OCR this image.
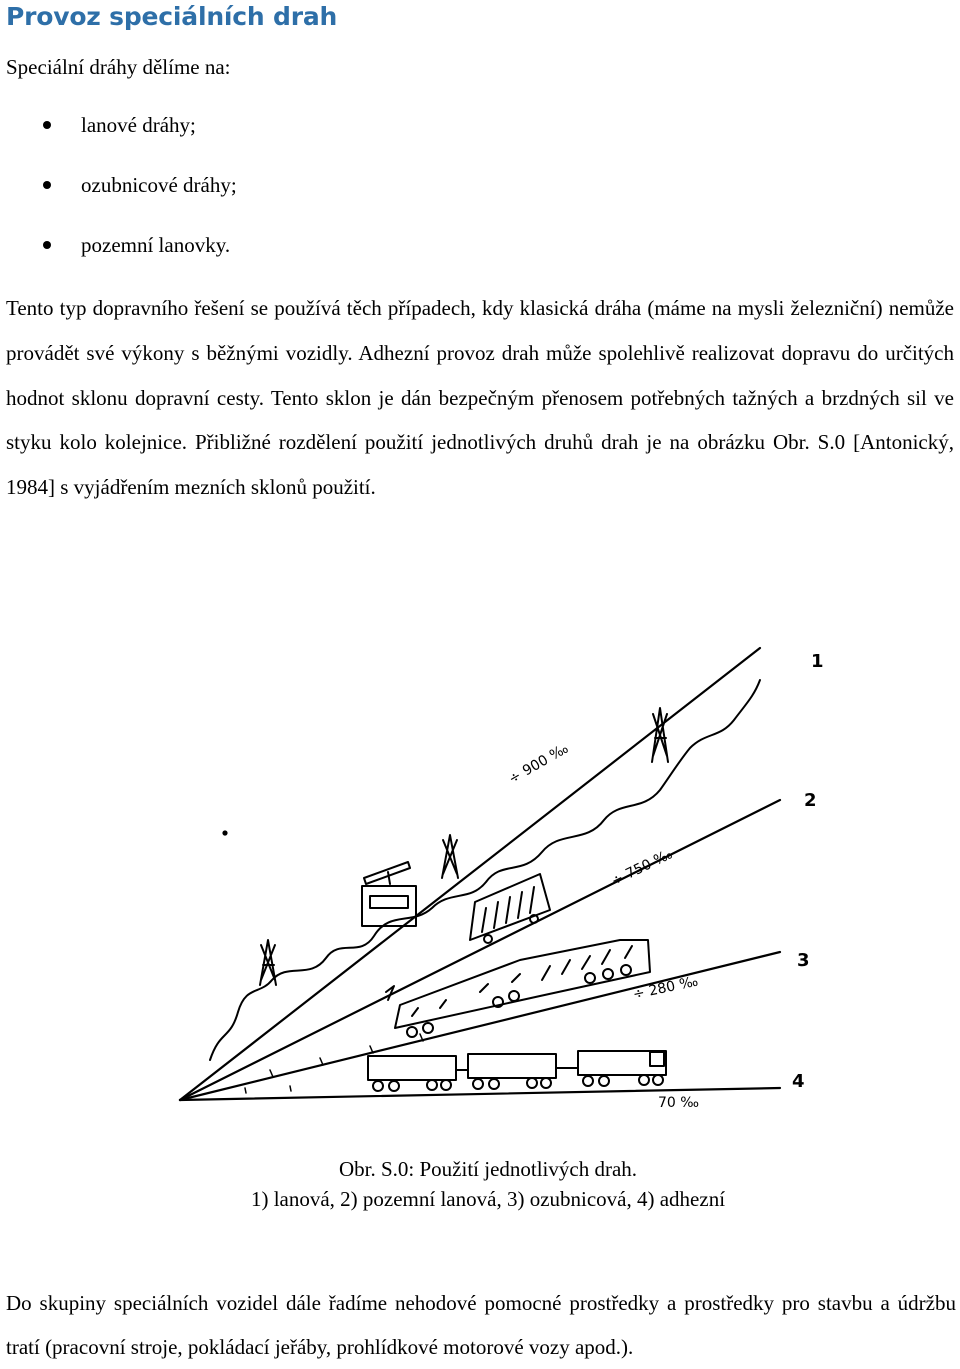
Provoz speciálních drah

Speciální dráhy dělíme na:

lanové dráhy;
ozubnicové dráhy;
pozemní lanovky.

Tento typ dopravního řešení se používá těch případech, kdy klasická dráha (máme na mysli železniční) nemůže provádět své výkony s běžnými vozidly. Adhezní provoz drah může spolehlivě realizovat dopravu do určitých hodnot sklonu dopravní cesty. Tento sklon je dán bezpečným přenosem potřebných tažných a brzdných sil ve styku kolo kolejnice. Přibližné rozdělení použití jednotlivých druhů drah je na obrázku Obr. S.0 [Antonický, 1984] s vyjádřením mezních sklonů použití.

1
2
3
4
÷ 900 ‰
÷ 750 ‰
÷ 280 ‰
70 ‰

Obr. S.0: Použití jednotlivých drah.

1) lanová, 2) pozemní lanová, 3) ozubnicová, 4) adhezní

Do skupiny speciálních vozidel dále řadíme nehodové pomocné prostředky a prostředky pro stavbu a údržbu tratí (pracovní stroje, pokládací jeřáby, prohlídkové motorové vozy apod.).
